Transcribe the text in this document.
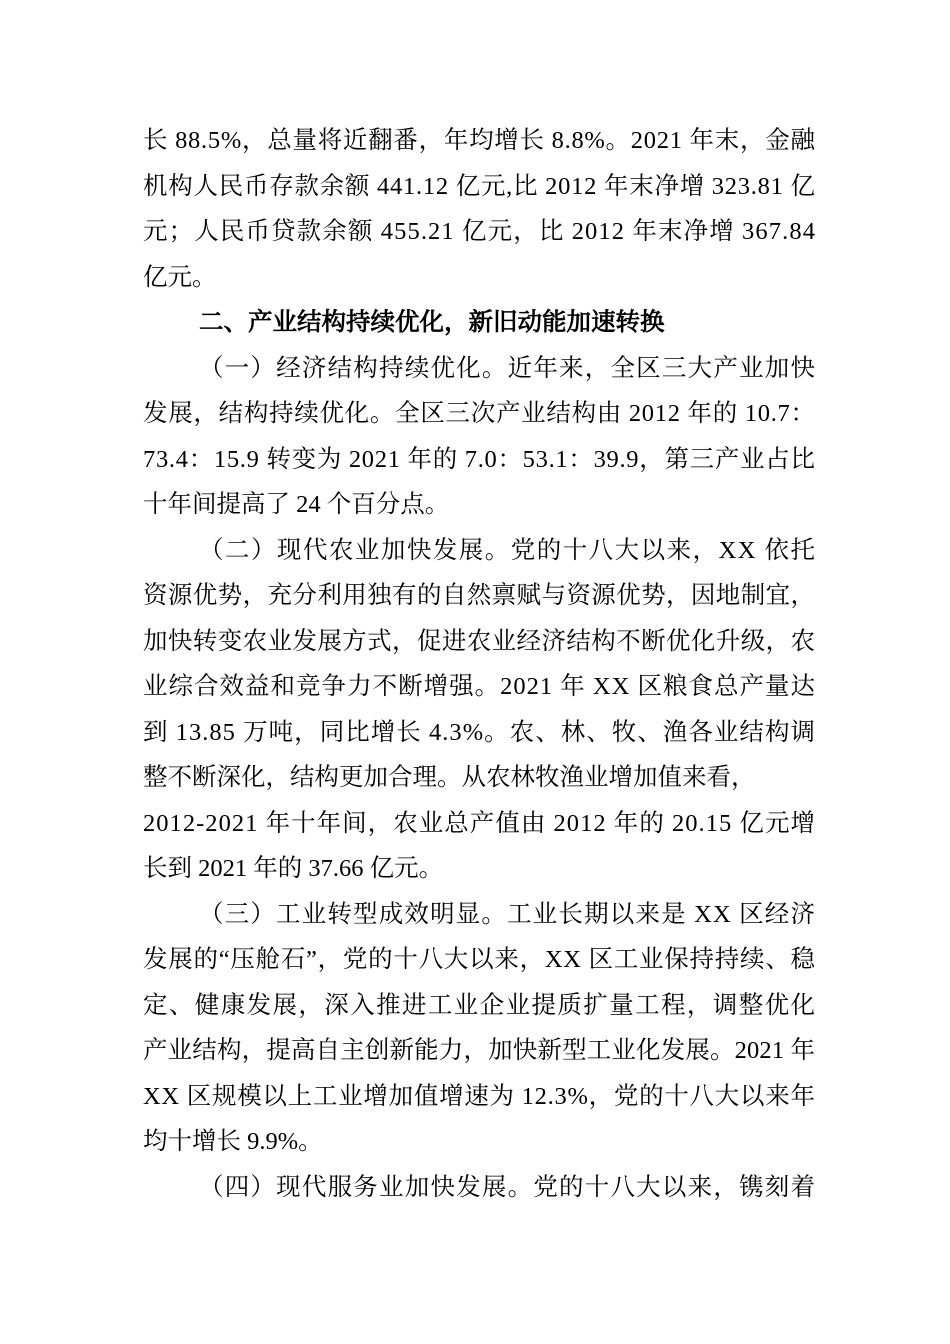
长 88.5%，总量将近翻番，年均增长 8.8%。2021 年末，金融
机构人民币存款余额 441.12 亿元,比 2012 年末净增 323.81 亿
元；人民币贷款余额 455.21 亿元，比 2012 年末净增 367.84
亿元。
二、产业结构持续优化，新旧动能加速转换
（一）经济结构持续优化。近年来，全区三大产业加快
发展，结构持续优化。全区三次产业结构由 2012 年的 10.7：
73.4：15.9 转变为 2021 年的 7.0：53.1：39.9，第三产业占比
十年间提高了 24 个百分点。
（二）现代农业加快发展。党的十八大以来，XX 依托
资源优势，充分利用独有的自然禀赋与资源优势，因地制宜，
加快转变农业发展方式，促进农业经济结构不断优化升级，农
业综合效益和竞争力不断增强。2021 年 XX 区粮食总产量达
到 13.85 万吨，同比增长 4.3%。农、林、牧、渔各业结构调
整不断深化，结构更加合理。从农林牧渔业增加值来看，
2012-2021 年十年间，农业总产值由 2012 年的 20.15 亿元增
长到 2021 年的 37.66 亿元。
（三）工业转型成效明显。工业长期以来是 XX 区经济
发展的“压舱石”，党的十八大以来，XX 区工业保持持续、稳
定、健康发展，深入推进工业企业提质扩量工程，调整优化
产业结构，提高自主创新能力，加快新型工业化发展。2021 年
XX 区规模以上工业增加值增速为 12.3%，党的十八大以来年
均十增长 9.9%。
（四）现代服务业加快发展。党的十八大以来，镌刻着
